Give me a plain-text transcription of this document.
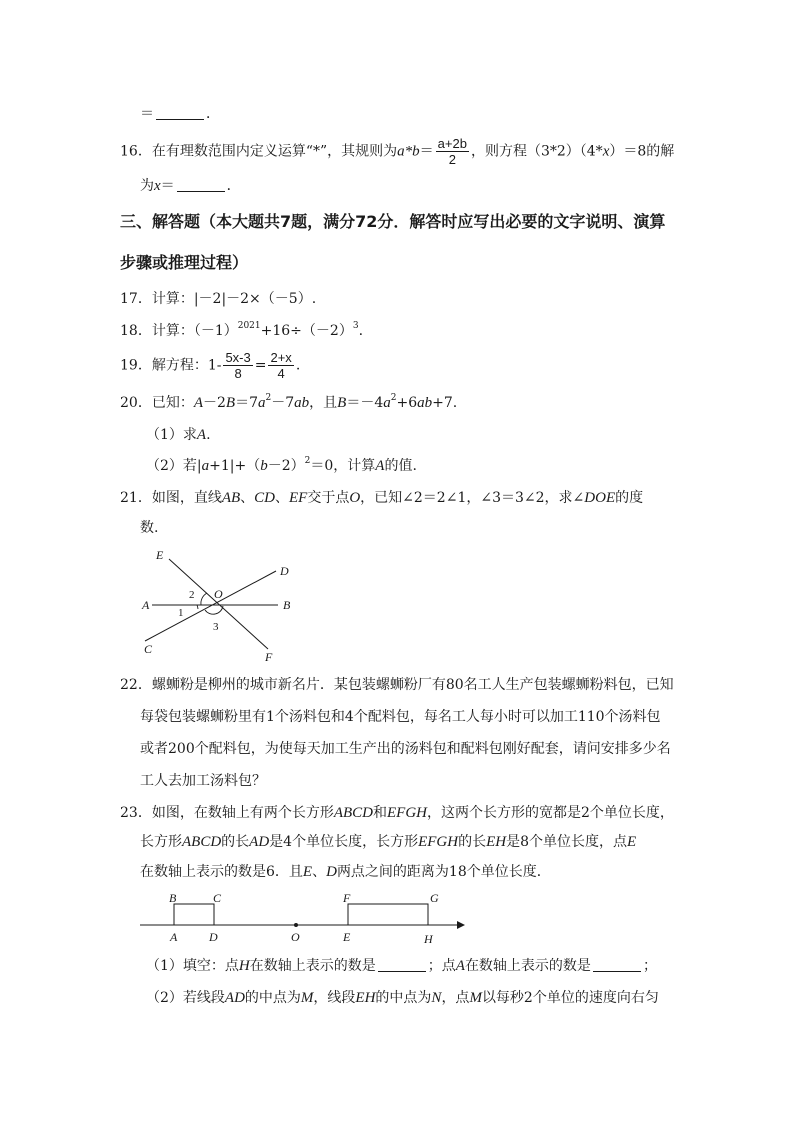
＝	．
16．在有理数范围内定义运算“*”，其规则为$a*b= \frac{a+2b}{2}$ ，则方程（3*2）（4*x）＝8的解
为x＝	．
三、解答题（本大题共7题，满分72分．解答时应写出必要的文字说明、演算
步骤或推理过程）
17．计算：|－2|－2×（－5）.
18．计算：$(-1)^{2021}+16\div(-2)^3$.
19．解方程：$1- \frac{5x-3}{8} = \frac{2+x}{4}$ .
20．已知：$A-2B=7a^2-7ab$，且$B=-4a^2+6ab+7$.
（1）求A.
（2）若$|a+1|+(b-2)^2=0$，计算A的值.
21．如图，直线AB、CD、EF交于点O，已知∠2＝2∠1，∠3＝3∠2，求∠DOE的度
数.
E
D
A	B
O
C
F
2
1
3
22．螺蛳粉是柳州的城市新名片．某包装螺蛳粉厂有80名工人生产包装螺蛳粉料包，已知
每袋包装螺蛳粉里有1个汤料包和4个配料包，每名工人每小时可以加工110个汤料包
或者200个配料包，为使每天加工生产出的汤料包和配料包刚好配套，请问安排多少名
工人去加工汤料包？
23．如图，在数轴上有两个长方形ABCD和EFGH，这两个长方形的宽都是2个单位长度，
长方形ABCD的长AD是4个单位长度，长方形EFGH的长EH是8个单位长度，点E
在数轴上表示的数是6．且E、D两点之间的距离为18个单位长度．
B	C	F	G
A	D	O	E	H
（1）填空：点H在数轴上表示的数是	；点A在数轴上表示的数是	；
（2）若线段AD的中点为M，线段EH的中点为N，点M以每秒2个单位的速度向右匀
